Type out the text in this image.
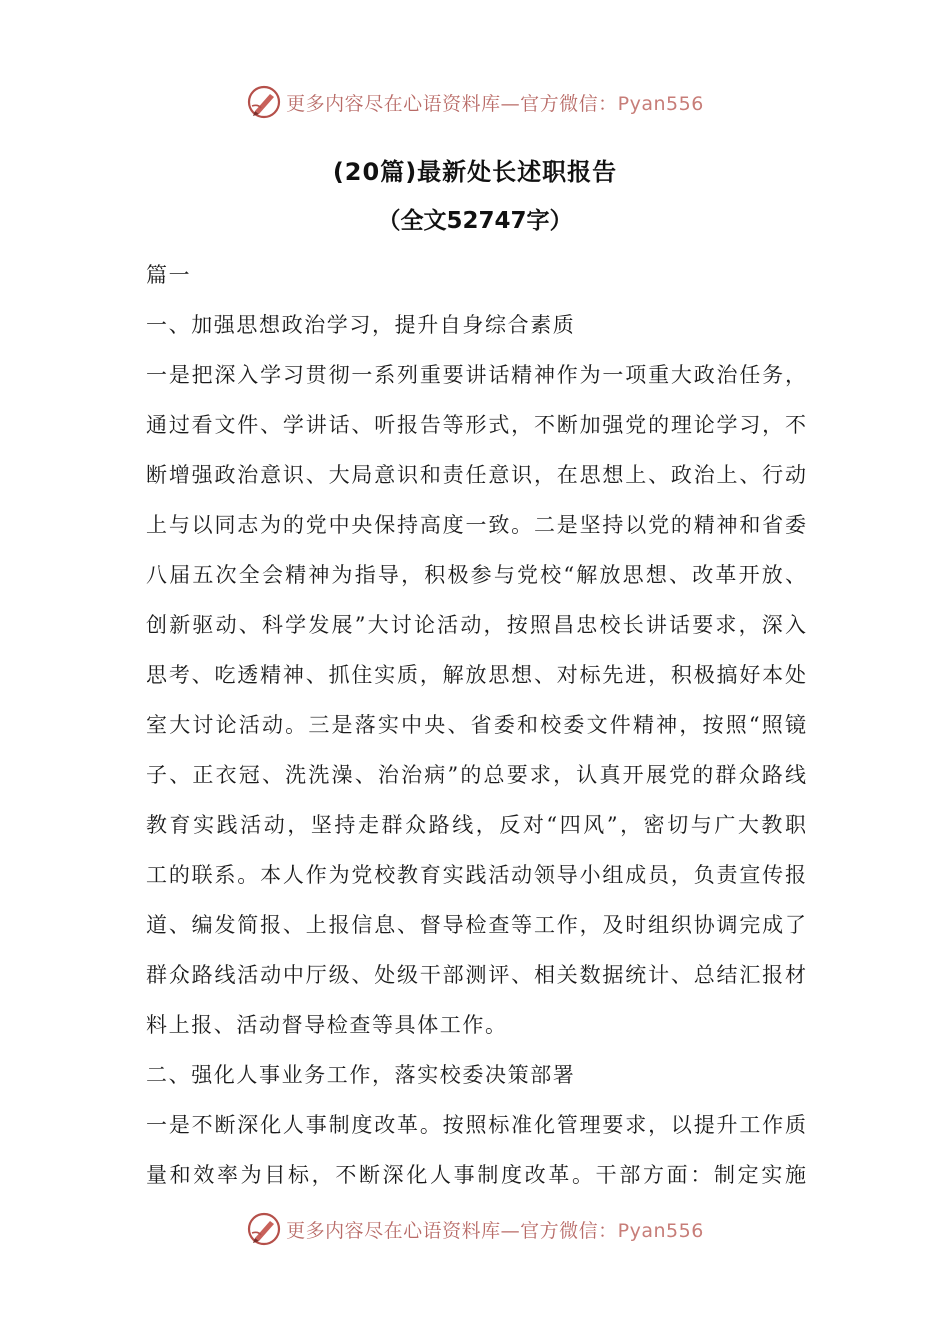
更多内容尽在心语资料库—官方微信：Pyan556
(20篇)最新处长述职报告
（全文52747字）
篇一
一、加强思想政治学习，提升自身综合素质
一是把深入学习贯彻一系列重要讲话精神作为一项重大政治任务，
通过看文件、学讲话、听报告等形式，不断加强党的理论学习，不
断增强政治意识、大局意识和责任意识，在思想上、政治上、行动
上与以同志为的党中央保持高度一致。二是坚持以党的精神和省委
八届五次全会精神为指导，积极参与党校“解放思想、改革开放、
创新驱动、科学发展”大讨论活动，按照昌忠校长讲话要求，深入
思考、吃透精神、抓住实质，解放思想、对标先进，积极搞好本处
室大讨论活动。三是落实中央、省委和校委文件精神，按照“照镜
子、正衣冠、洗洗澡、治治病”的总要求，认真开展党的群众路线
教育实践活动，坚持走群众路线，反对“四风”，密切与广大教职
工的联系。本人作为党校教育实践活动领导小组成员，负责宣传报
道、编发简报、上报信息、督导检查等工作，及时组织协调完成了
群众路线活动中厅级、处级干部测评、相关数据统计、总结汇报材
料上报、活动督导检查等具体工作。
二、强化人事业务工作，落实校委决策部署
一是不断深化人事制度改革。按照标准化管理要求，以提升工作质
量和效率为目标，不断深化人事制度改革。干部方面：制定实施
更多内容尽在心语资料库—官方微信：Pyan556
